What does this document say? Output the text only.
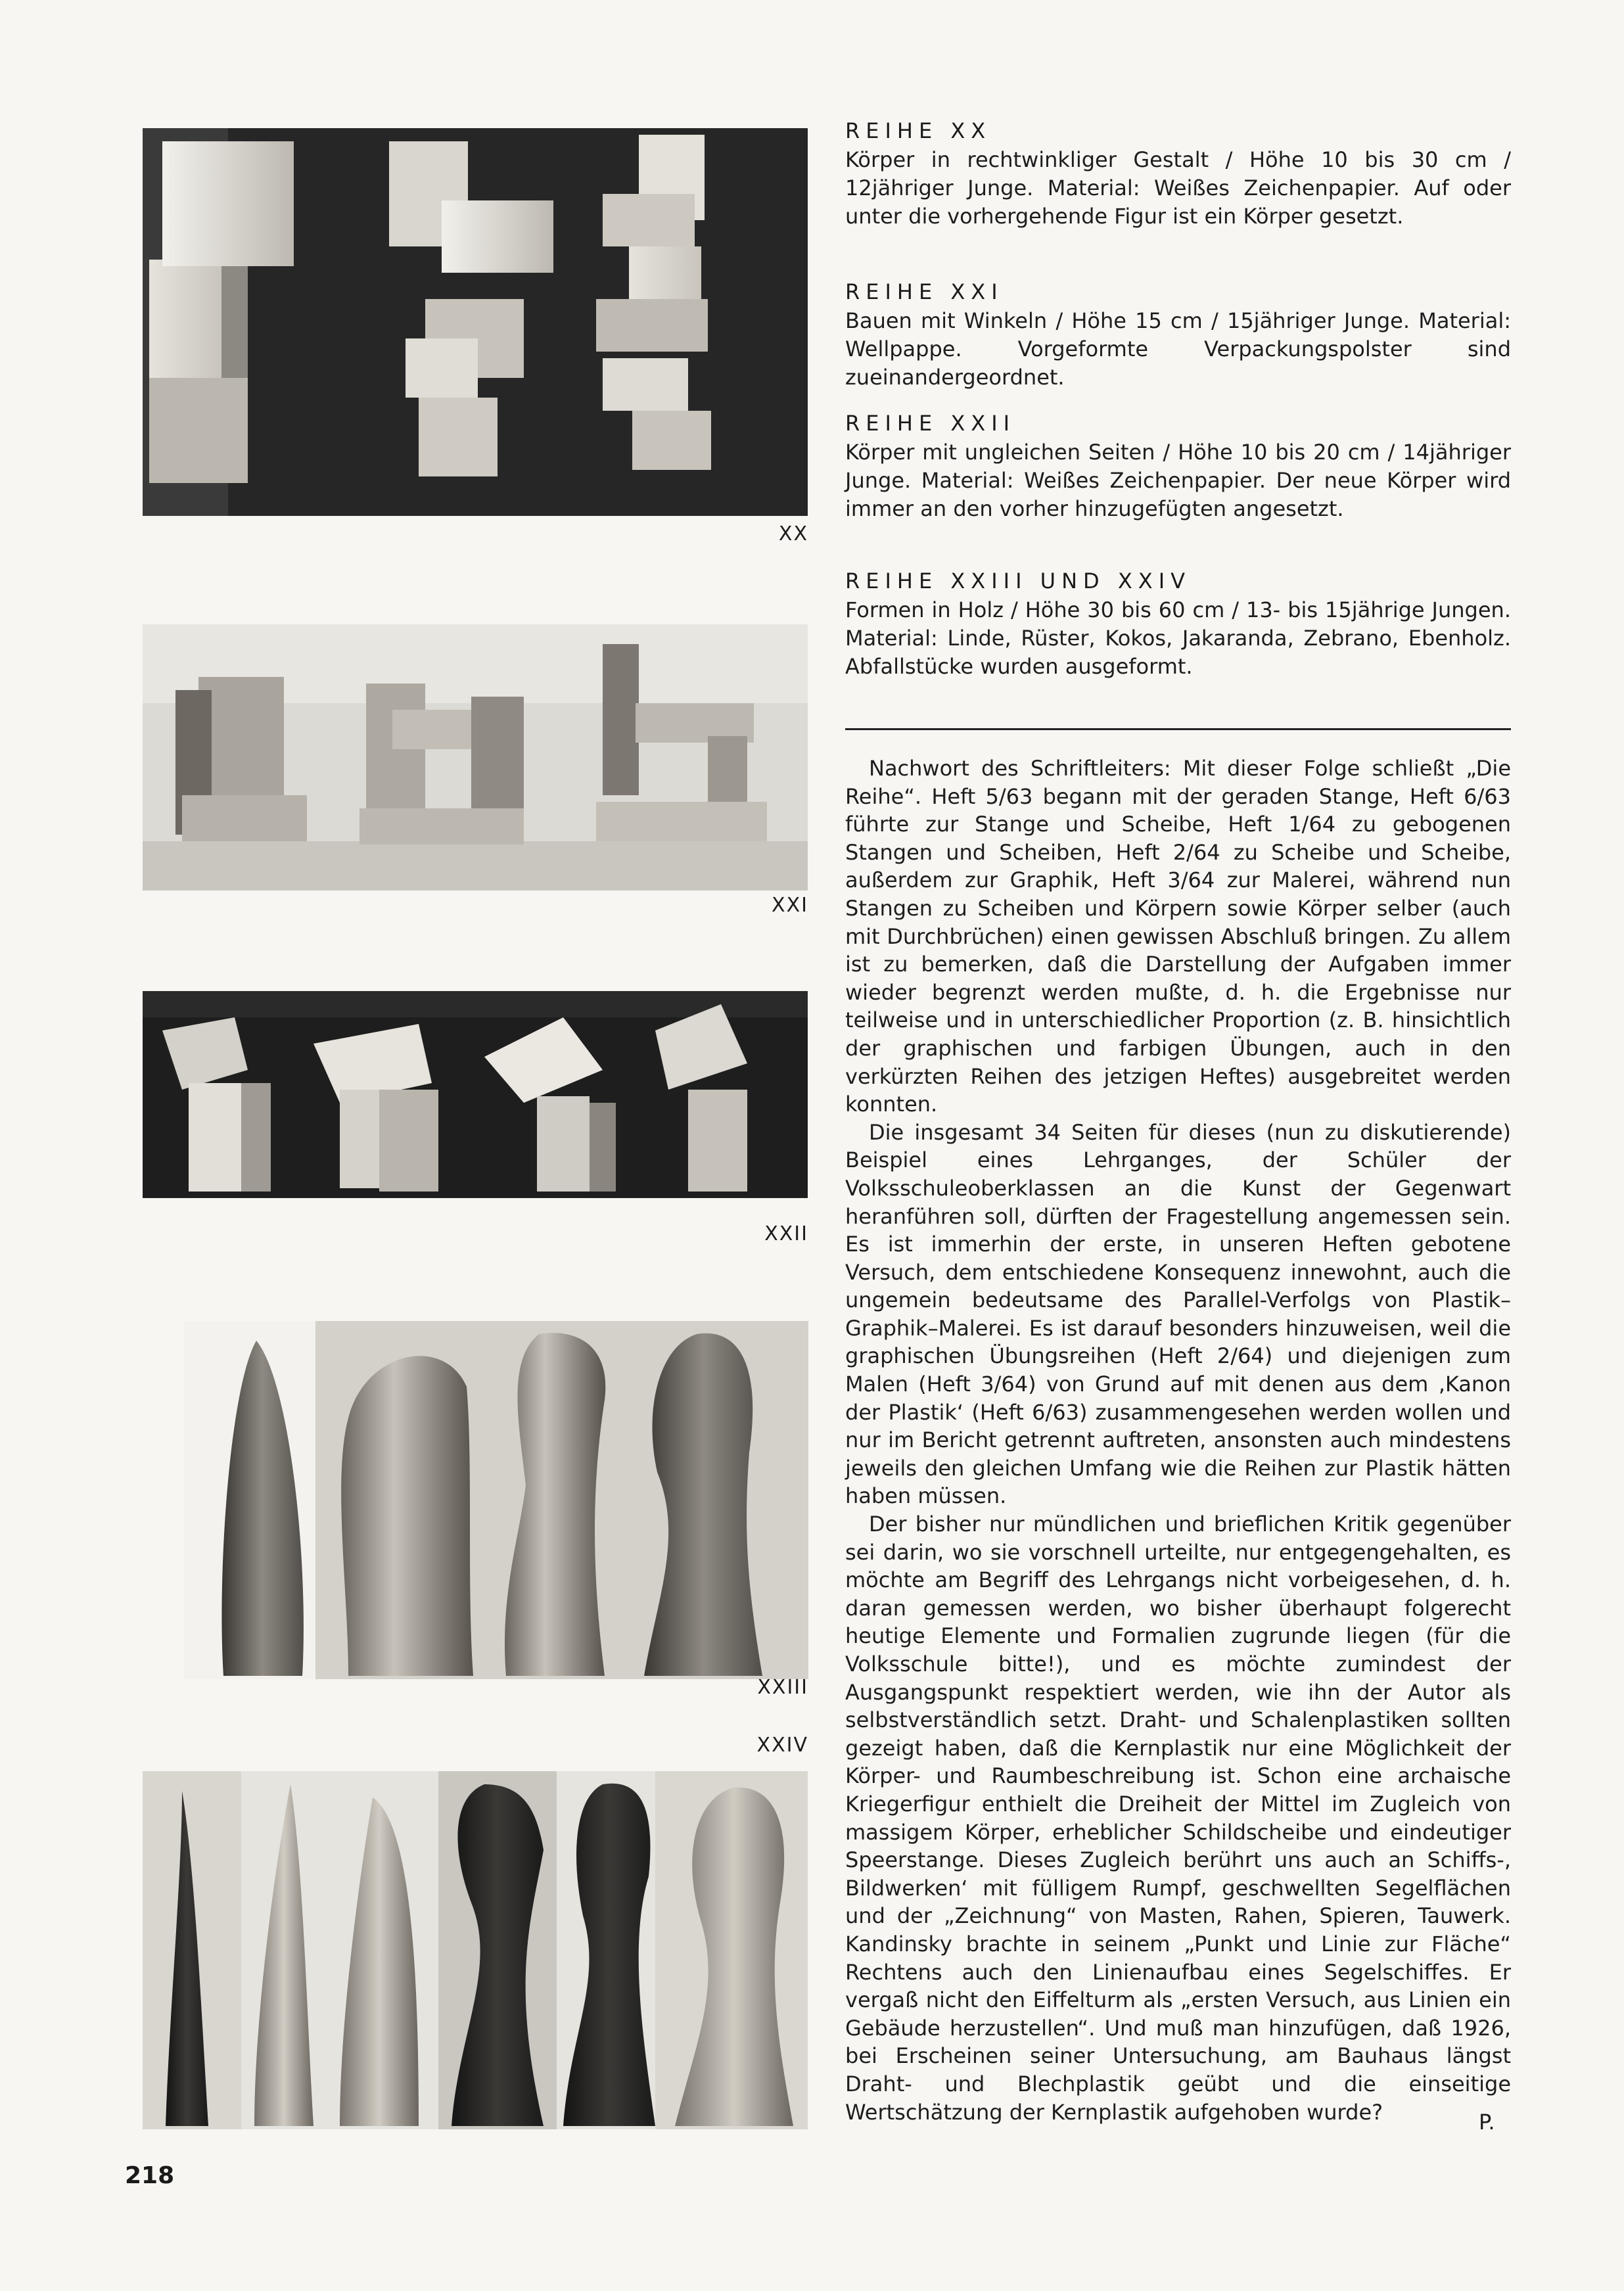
XX
XXI
XXII
XXIII
XXIV
REIHE XX
Körper in rechtwinkliger Gestalt / Höhe 10 bis 30 cm / 12jähriger Junge. Material: Weißes Zeichenpapier. Auf oder unter die vorhergehende Figur ist ein Körper gesetzt.
REIHE XXI
Bauen mit Winkeln / Höhe 15 cm / 15jähriger Junge. Material: Wellpappe. Vorgeformte Verpackungspolster sind zueinandergeordnet.
REIHE XXII
Körper mit ungleichen Seiten / Höhe 10 bis 20 cm / 14jähriger Junge. Material: Weißes Zeichenpapier. Der neue Körper wird immer an den vorher hinzugefügten angesetzt.
REIHE XXIII UND XXIV
Formen in Holz / Höhe 30 bis 60 cm / 13- bis 15jährige Jungen. Material: Linde, Rüster, Kokos, Jakaranda, Zebrano, Ebenholz. Abfallstücke wurden ausgeformt.

Nachwort des Schriftleiters: Mit dieser Folge schließt „Die Reihe“. Heft 5/63 begann mit der geraden Stange, Heft 6/63 führte zur Stange und Scheibe, Heft 1/64 zu gebogenen Stangen und Scheiben, Heft 2/64 zu Scheibe und Scheibe, außerdem zur Graphik, Heft 3/64 zur Malerei, während nun Stangen zu Scheiben und Körpern sowie Körper selber (auch mit Durchbrüchen) einen gewissen Abschluß bringen. Zu allem ist zu bemerken, daß die Darstellung der Aufgaben immer wieder begrenzt werden mußte, d. h. die Ergebnisse nur teilweise und in unterschiedlicher Proportion (z. B. hinsichtlich der graphischen und farbigen Übungen, auch in den verkürzten Reihen des jetzigen Heftes) ausgebreitet werden konnten.

Die insgesamt 34 Seiten für dieses (nun zu diskutierende) Beispiel eines Lehrganges, der Schüler der Volksschuleoberklassen an die Kunst der Gegenwart heranführen soll, dürften der Fragestellung angemessen sein. Es ist immerhin der erste, in unseren Heften gebotene Versuch, dem entschiedene Konsequenz innewohnt, auch die ungemein bedeutsame des Parallel-Verfolgs von Plastik–Graphik–Malerei. Es ist darauf besonders hinzuweisen, weil die graphischen Übungsreihen (Heft 2/64) und diejenigen zum Malen (Heft 3/64) von Grund auf mit denen aus dem ‚Kanon der Plastik‘ (Heft 6/63) zusammengesehen werden wollen und nur im Bericht getrennt auftreten, ansonsten auch mindestens jeweils den gleichen Umfang wie die Reihen zur Plastik hätten haben müssen.

Der bisher nur mündlichen und brieflichen Kritik gegenüber sei darin, wo sie vorschnell urteilte, nur entgegengehalten, es möchte am Begriff des Lehrgangs nicht vorbeigesehen, d. h. daran gemessen werden, wo bisher überhaupt folgerecht heutige Elemente und Formalien zugrunde liegen (für die Volksschule bitte!), und es möchte zumindest der Ausgangspunkt respektiert werden, wie ihn der Autor als selbstverständlich setzt. Draht- und Schalenplastiken sollten gezeigt haben, daß die Kernplastik nur eine Möglichkeit der Körper- und Raumbeschreibung ist. Schon eine archaische Kriegerfigur enthielt die Dreiheit der Mittel im Zugleich von massigem Körper, erheblicher Schildscheibe und eindeutiger Speerstange. Dieses Zugleich berührt uns auch an Schiffs-, Bildwerken‘ mit fülligem Rumpf, geschwellten Segelflächen und der „Zeichnung“ von Masten, Rahen, Spieren, Tauwerk. Kandinsky brachte in seinem „Punkt und Linie zur Fläche“ Rechtens auch den Linienaufbau eines Segelschiffes. Er vergaß nicht den Eiffelturm als „ersten Versuch, aus Linien ein Gebäude herzustellen“. Und muß man hinzufügen, daß 1926, bei Erscheinen seiner Untersuchung, am Bauhaus längst Draht- und Blechplastik geübt und die einseitige Wertschätzung der Kernplastik aufgehoben wurde?	P.
218
